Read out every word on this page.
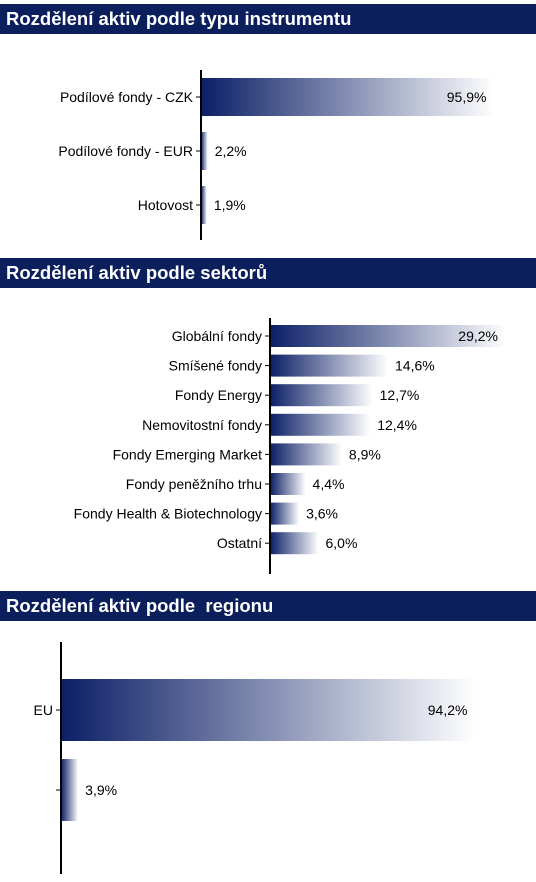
Rozdělení aktiv podle typu instrumentu
Podílové fondy - CZK	95,9%
Podílové fondy - EUR 2,2%
Hotovost 1,9%
Rozdělení aktiv podle sektorů
Globální fondy	29,2%
Smíšené fondy	14,6%
Fondy Energy	12,7%
Nemovitostní fondy	12,4%
Fondy Emerging Market	8,9%
Fondy peněžního trhu	4,4%
Fondy Health & Biotechnology	3,6%
Ostatní	6,0%
Rozdělení aktiv podle  regionu
EU	94,2%
3,9%
